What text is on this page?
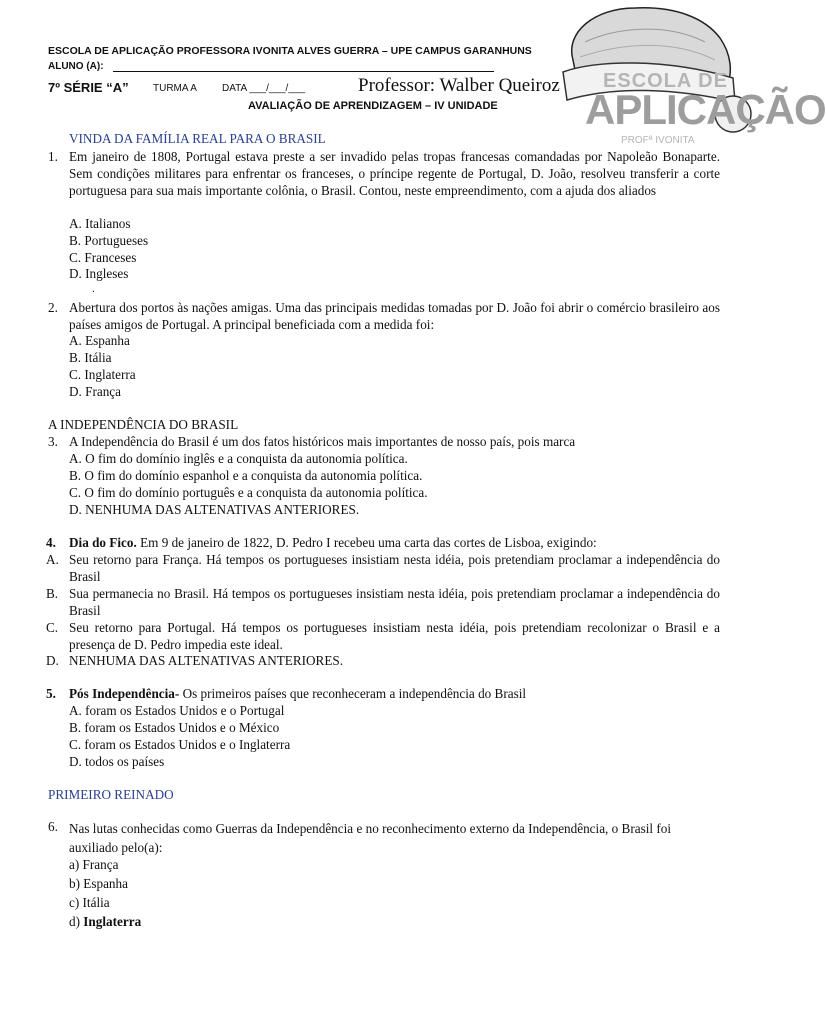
ESCOLA DE
APLICAÇÃO
PROFª IVONITA
ESCOLA DE APLICAÇÃO PROFESSORA IVONITA ALVES GUERRA – UPE CAMPUS GARANHUNS
ALUNO (A):
7º SÉRIE “A” TURMA A	DATA ___/___/___	Professor: Walber Queiroz
AVALIAÇÃO DE APRENDIZAGEM – IV UNIDADE
VINDA DA FAMÍLIA REAL PARA O BRASIL
1. Em janeiro de 1808, Portugal estava preste a ser invadido pelas tropas francesas comandadas por Napoleão Bonaparte. Sem condições militares para enfrentar os franceses, o príncipe regente de Portugal, D. João, resolveu transferir a corte portuguesa para sua mais importante colônia, o Brasil. Contou, neste empreendimento, com a ajuda dos aliados
A. Italianos
B. Portugueses
C. Franceses
D. Ingleses
.
2. Abertura dos portos às nações amigas. Uma das principais medidas tomadas por D. João foi abrir o comércio brasileiro aos países amigos de Portugal. A principal beneficiada com a medida foi:
A. Espanha
B. Itália
C. Inglaterra
D. França
A INDEPENDÊNCIA DO BRASIL
3. A Independência do Brasil é um dos fatos históricos mais importantes de nosso país, pois marca
A. O fim do domínio inglês e a conquista da autonomia política.
B. O fim do domínio espanhol e a conquista da autonomia política.
C. O fim do domínio português e a conquista da autonomia política.
D. NENHUMA DAS ALTENATIVAS ANTERIORES.
4. Dia do Fico. Em 9 de janeiro de 1822, D. Pedro I recebeu uma carta das cortes de Lisboa, exigindo:
A. Seu retorno para França. Há tempos os portugueses insistiam nesta idéia, pois pretendiam proclamar a independência do Brasil
B. Sua permanecia no Brasil. Há tempos os portugueses insistiam nesta idéia, pois pretendiam proclamar a independência do Brasil
C. Seu retorno para Portugal. Há tempos os portugueses insistiam nesta idéia, pois pretendiam recolonizar o Brasil e a presença de D. Pedro impedia este ideal.
D. NENHUMA DAS ALTENATIVAS ANTERIORES.
5. Pós Independência- Os primeiros países que reconheceram a independência do Brasil
A. foram os Estados Unidos e o Portugal
B. foram os Estados Unidos e o México
C. foram os Estados Unidos e o Inglaterra
D. todos os países
PRIMEIRO REINADO
6. Nas lutas conhecidas como Guerras da Independência e no reconhecimento externo da Independência, o Brasil foi auxiliado pelo(a):
a) França
b) Espanha
c) Itália
d) Inglaterra
